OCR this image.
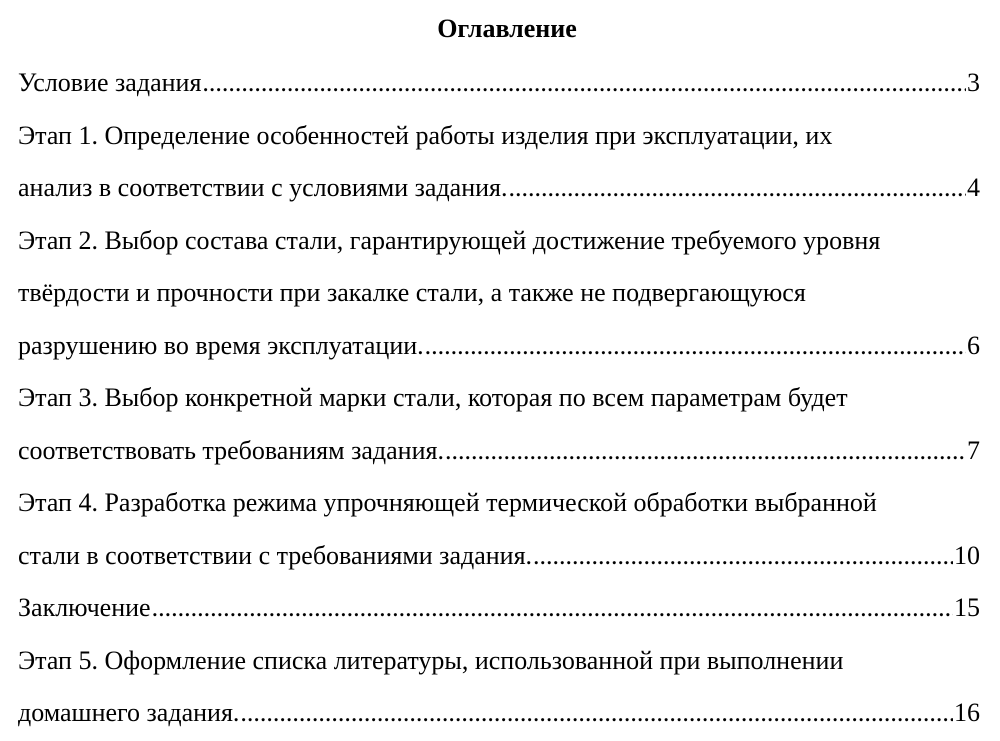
Оглавление
Условие задания .....	3
Этап 1. Определение особенностей работы изделия при эксплуатации, их
анализ в соответствии с условиями задания. .....	4
Этап 2. Выбор состава стали, гарантирующей достижение требуемого уровня
твёрдости и прочности при закалке стали, а также не подвергающуюся
разрушению во время эксплуатации. .....	6
Этап 3. Выбор конкретной марки стали, которая по всем параметрам будет
соответствовать требованиям задания. .....	7
Этап 4. Разработка режима упрочняющей термической обработки выбранной
стали в соответствии с требованиями задания. .....	10
Заключение .....	15
Этап 5. Оформление списка литературы, использованной при выполнении
домашнего задания. .....	16
